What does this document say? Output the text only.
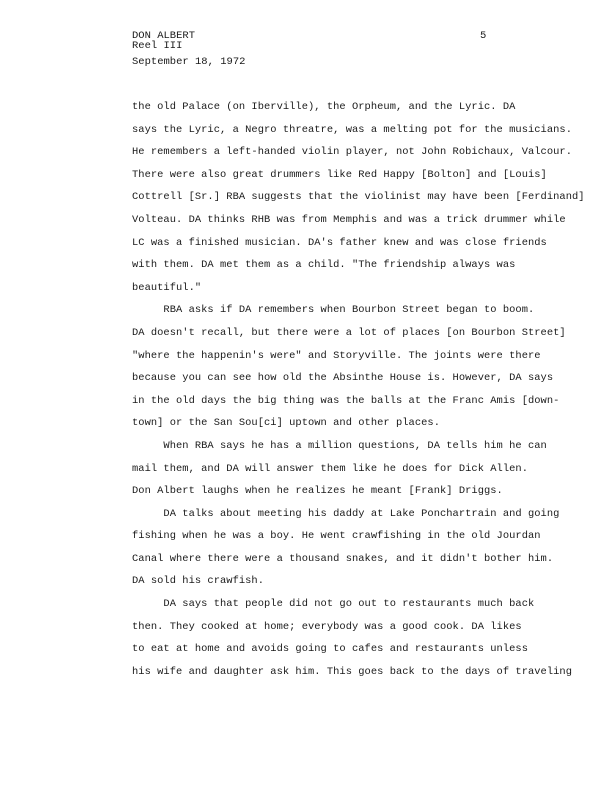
DON ALBERT
Reel III
September 18, 1972
5
the old Palace (on Iberville), the Orpheum, and the Lyric. DA
says the Lyric, a Negro threatre, was a melting pot for the musicians.
He remembers a left-handed violin player, not John Robichaux, Valcour.
There were also great drummers like Red Happy [Bolton] and [Louis]
Cottrell [Sr.] RBA suggests that the violinist may have been [Ferdinand]
Volteau. DA thinks RHB was from Memphis and was a trick drummer while
LC was a finished musician. DA's father knew and was close friends
with them. DA met them as a child. "The friendship always was
beautiful."
RBA asks if DA remembers when Bourbon Street began to boom.
DA doesn't recall, but there were a lot of places [on Bourbon Street]
"where the happenin's were" and Storyville. The joints were there
because you can see how old the Absinthe House is. However, DA says
in the old days the big thing was the balls at the Franc Amis [down-
town] or the San Sou[ci] uptown and other places.
When RBA says he has a million questions, DA tells him he can
mail them, and DA will answer them like he does for Dick Allen.
Don Albert laughs when he realizes he meant [Frank] Driggs.
DA talks about meeting his daddy at Lake Ponchartrain and going
fishing when he was a boy. He went crawfishing in the old Jourdan
Canal where there were a thousand snakes, and it didn't bother him.
DA sold his crawfish.
DA says that people did not go out to restaurants much back
then. They cooked at home; everybody was a good cook. DA likes
to eat at home and avoids going to cafes and restaurants unless
his wife and daughter ask him. This goes back to the days of traveling
